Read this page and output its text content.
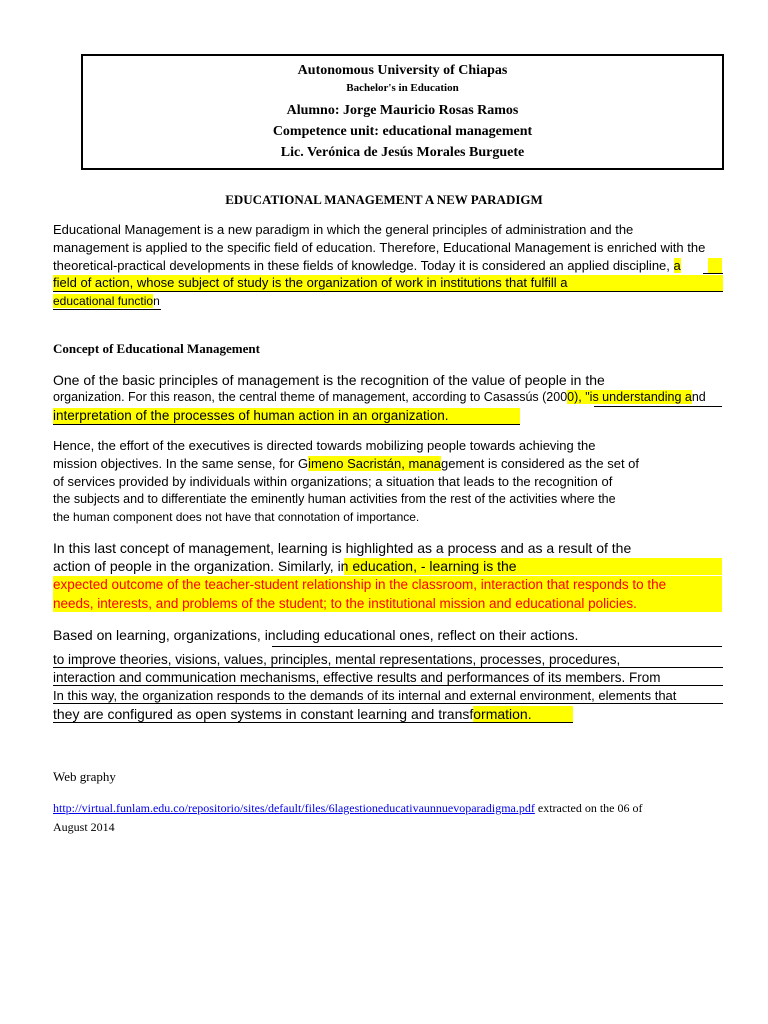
Autonomous University of Chiapas
Bachelor's in Education
Alumno: Jorge Mauricio Rosas Ramos
Competence unit: educational management
Lic. Verónica de Jesús Morales Burguete
EDUCATIONAL MANAGEMENT A NEW PARADIGM
Educational Management is a new paradigm in which the general principles of administration and the
management is applied to the specific field of education. Therefore, Educational Management is enriched with the
theoretical-practical developments in these fields of knowledge. Today it is considered an applied discipline, a
field of action, whose subject of study is the organization of work in institutions that fulfill a
educational function
Concept of Educational Management
One of the basic principles of management is the recognition of the value of people in the
organization. For this reason, the central theme of management, according to Casassús (2000), "is understanding and
interpretation of the processes of human action in an organization.
Hence, the effort of the executives is directed towards mobilizing people towards achieving the
mission objectives. In the same sense, for Gimeno Sacristán, management is considered as the set of
of services provided by individuals within organizations; a situation that leads to the recognition of
the subjects and to differentiate the eminently human activities from the rest of the activities where the
the human component does not have that connotation of importance.
In this last concept of management, learning is highlighted as a process and as a result of the
action of people in the organization. Similarly, in education, - learning is the
expected outcome of the teacher-student relationship in the classroom, interaction that responds to the
needs, interests, and problems of the student; to the institutional mission and educational policies.
Based on learning, organizations, including educational ones, reflect on their actions.
to improve theories, visions, values, principles, mental representations, processes, procedures,
interaction and communication mechanisms, effective results and performances of its members. From
In this way, the organization responds to the demands of its internal and external environment, elements that
they are configured as open systems in constant learning and transformation.
Web graphy
http://virtual.funlam.edu.co/repositorio/sites/default/files/6lagestioneducativaunnuevoparadigma.pdf extracted on the 06 of
August 2014
